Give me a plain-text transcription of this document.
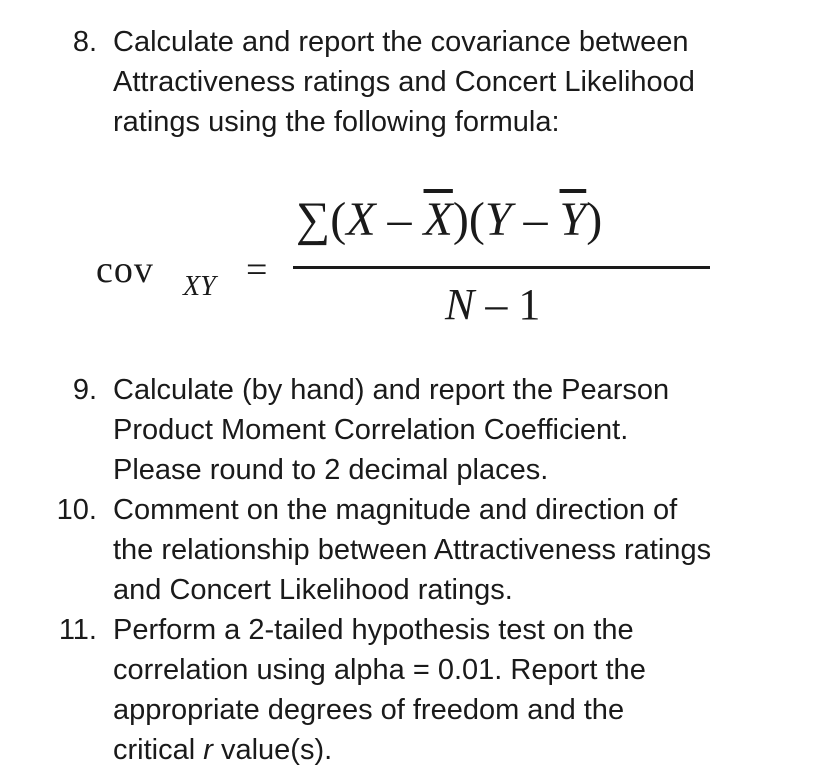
8. Calculate and report the covariance between
Attractiveness ratings and Concert Likelihood
ratings using the following formula:
cov XY =
$\sum(X - \overline{X})(Y - \overline{Y})$
N – 1
9. Calculate (by hand) and report the Pearson
Product Moment Correlation Coefficient.
Please round to 2 decimal places.
10. Comment on the magnitude and direction of
the relationship between Attractiveness ratings
and Concert Likelihood ratings.
11. Perform a 2-tailed hypothesis test on the
correlation using alpha = 0.01. Report the
appropriate degrees of freedom and the
critical r value(s).
